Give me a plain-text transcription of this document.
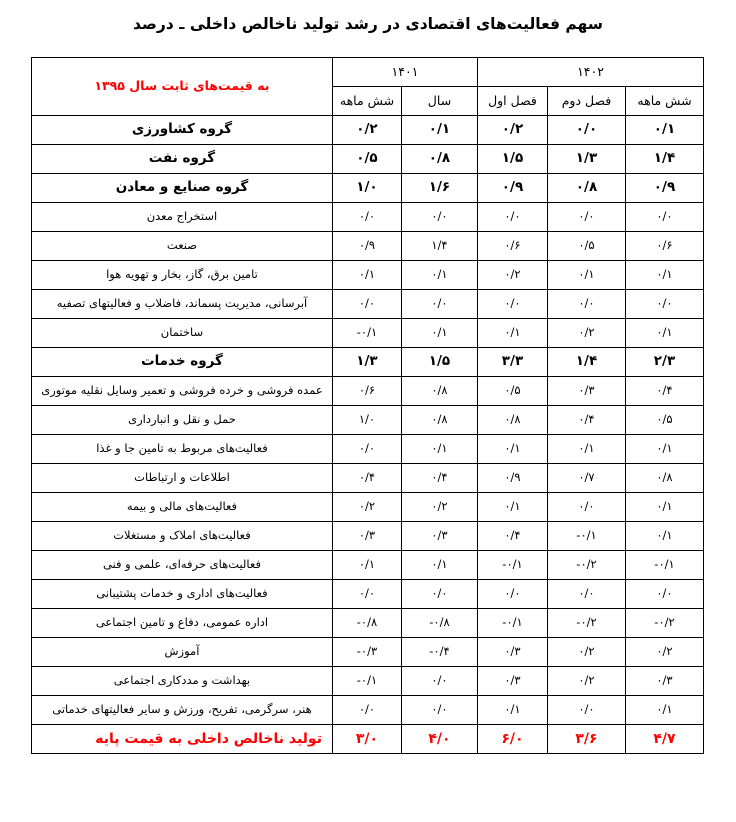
سهم فعالیت‌های اقتصادی در رشد تولید ناخالص داخلی ـ درصد
۱۴۰۲			۱۴۰۱		به قیمت‌های ثابت سال ۱۳۹۵
شش ماهه	فصل دوم	فصل اول	سال	شش ماهه	
۰/۱	۰/۰	۰/۲	۰/۱	۰/۲	گروه کشاورزی
۱/۴	۱/۳	۱/۵	۰/۸	۰/۵	گروه نفت
۰/۹	۰/۸	۰/۹	۱/۶	۱/۰	گروه صنایع و معادن
۰/۰	۰/۰	۰/۰	۰/۰	۰/۰	استخراج معدن
۰/۶	۰/۵	۰/۶	۱/۴	۰/۹	صنعت
۰/۱	۰/۱	۰/۲	۰/۱	۰/۱	تامین برق، گاز، بخار و تهویه هوا
۰/۰	۰/۰	۰/۰	۰/۰	۰/۰	آبرسانی، مدیریت پسماند، فاضلاب و فعالیتهای تصفیه
۰/۱	۰/۲	۰/۱	۰/۱	-۰/۱	ساختمان
۲/۳	۱/۴	۳/۳	۱/۵	۱/۳	گروه خدمات
۰/۴	۰/۳	۰/۵	۰/۸	۰/۶	عمده فروشی و خرده فروشی و تعمیر وسایل نقلیه موتوری
۰/۵	۰/۴	۰/۸	۰/۸	۱/۰	حمل و نقل و انبارداری
۰/۱	۰/۱	۰/۱	۰/۱	۰/۰	فعالیت‌های مربوط به تامین جا و غذا
۰/۸	۰/۷	۰/۹	۰/۴	۰/۴	اطلاعات و ارتباطات
۰/۱	۰/۰	۰/۱	۰/۲	۰/۲	فعالیت‌های مالی و بیمه
۰/۱	-۰/۱	۰/۴	۰/۳	۰/۳	فعالیت‌های املاک و مستغلات
-۰/۱	-۰/۲	-۰/۱	۰/۱	۰/۱	فعالیت‌های حرفه‌ای، علمی و فنی
۰/۰	۰/۰	۰/۰	۰/۰	۰/۰	فعالیت‌های اداری و خدمات پشتیبانی
-۰/۲	-۰/۲	-۰/۱	-۰/۸	-۰/۸	اداره عمومی، دفاع و تامین اجتماعی
۰/۲	۰/۲	۰/۳	-۰/۴	-۰/۳	آموزش
۰/۳	۰/۲	۰/۳	۰/۰	-۰/۱	بهداشت و مددکاری اجتماعی
۰/۱	۰/۰	۰/۱	۰/۰	۰/۰	هنر، سرگرمی، تفریح، ورزش و سایر فعالیتهای خدماتی
۴/۷	۳/۶	۶/۰	۴/۰	۳/۰	تولید ناخالص داخلی به قیمت پایه
